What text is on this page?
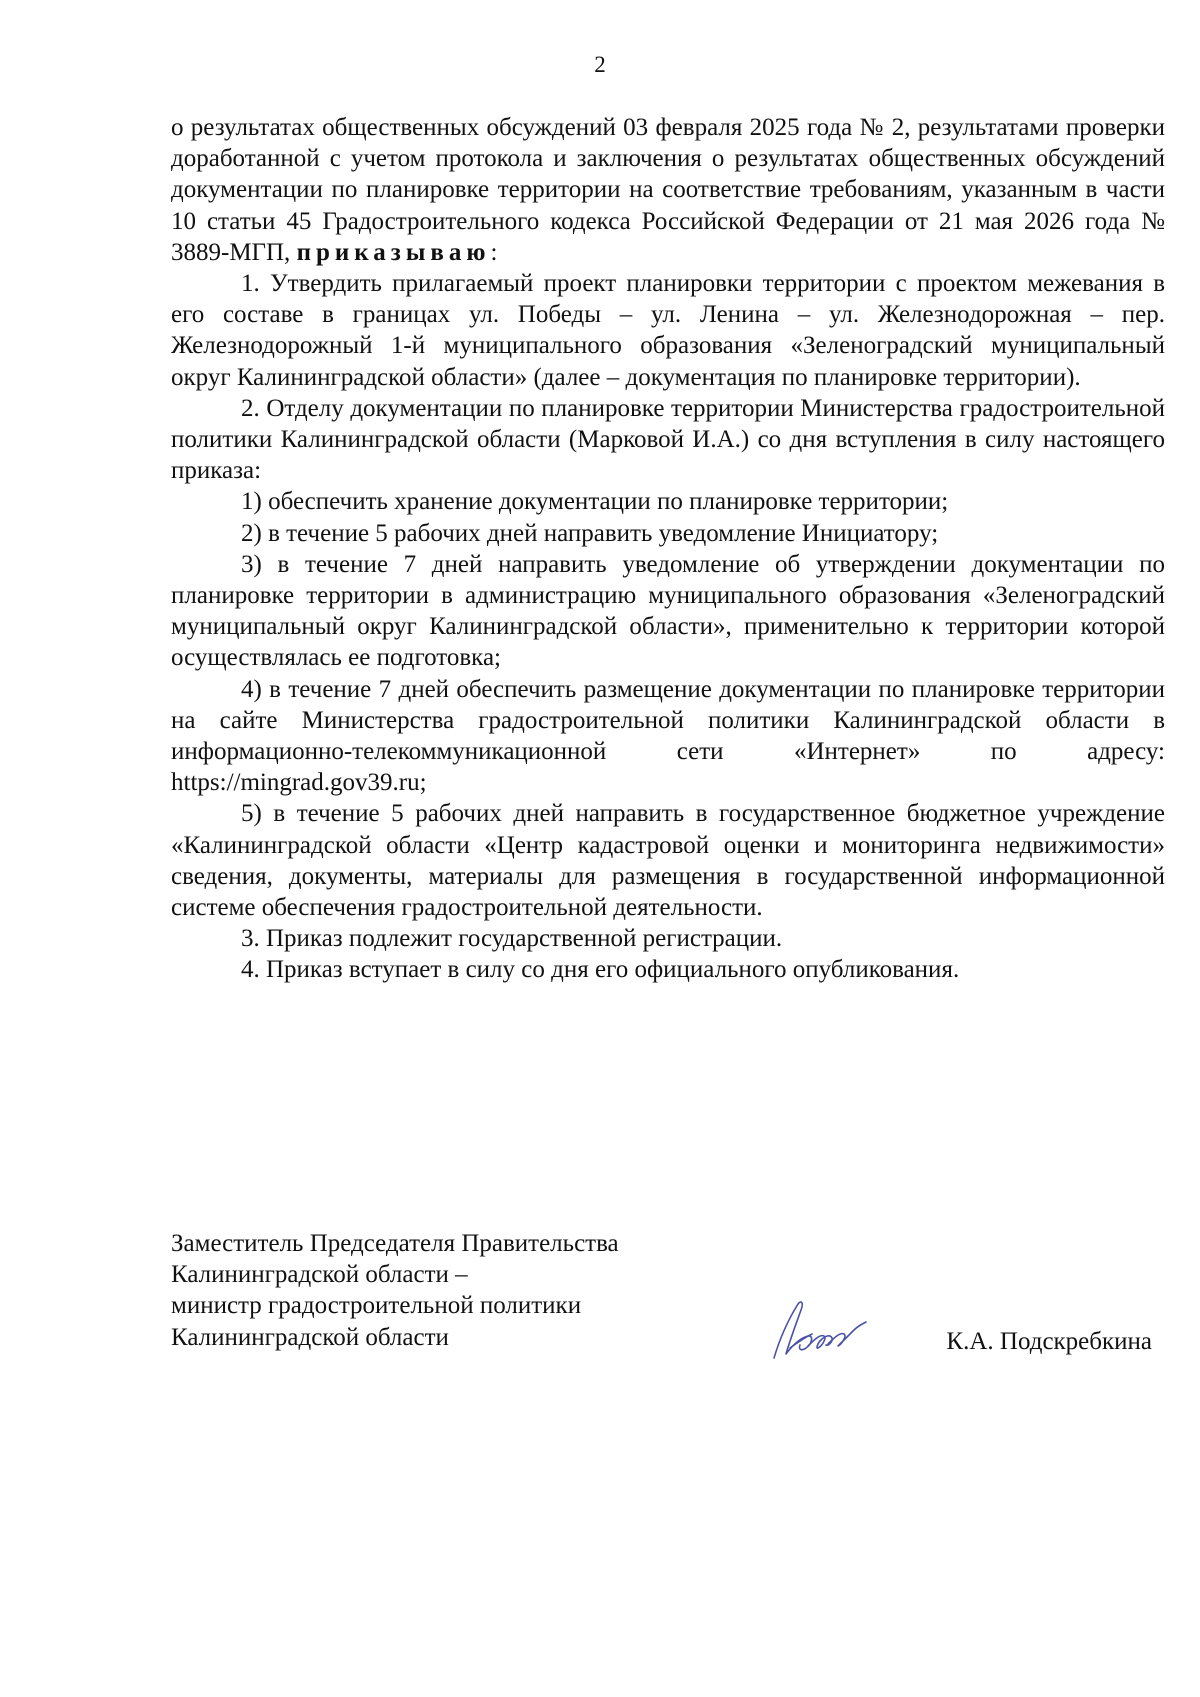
2

о результатах общественных обсуждений 03 февраля 2025 года № 2, результатами проверки доработанной с учетом протокола и заключения о результатах общественных обсуждений документации по планировке территории на соответствие требованиям, указанным в части 10 статьи 45 Градостроительного кодекса Российской Федерации от 21 мая 2026 года № 3889-МГП, приказываю:

1. Утвердить прилагаемый проект планировки территории с проектом межевания в его составе в границах ул. Победы – ул. Ленина – ул. Железнодорожная – пер. Железнодорожный 1-й муниципального образования «Зеленоградский муниципальный округ Калининградской области» (далее – документация по планировке территории).

2. Отделу документации по планировке территории Министерства градостроительной политики Калининградской области (Марковой И.А.) со дня вступления в силу настоящего приказа:

1) обеспечить хранение документации по планировке территории;

2) в течение 5 рабочих дней направить уведомление Инициатору;

3) в течение 7 дней направить уведомление об утверждении документации по планировке территории в администрацию муниципального образования «Зеленоградский муниципальный округ Калининградской области», применительно к территории которой осуществлялась ее подготовка;

4) в течение 7 дней обеспечить размещение документации по планировке территории на сайте Министерства градостроительной политики Калининградской области в информационно-телекоммуникационной сети «Интернет» по адресу: https://mingrad.gov39.ru;

5) в течение 5 рабочих дней направить в государственное бюджетное учреждение «Калининградской области «Центр кадастровой оценки и мониторинга недвижимости» сведения, документы, материалы для размещения в государственной информационной системе обеспечения градостроительной деятельности.

3. Приказ подлежит государственной регистрации.

4. Приказ вступает в силу со дня его официального опубликования.

Заместитель Председателя Правительства
Калининградской области –
министр градостроительной политики
Калининградской области	К.А. Подскребкина
